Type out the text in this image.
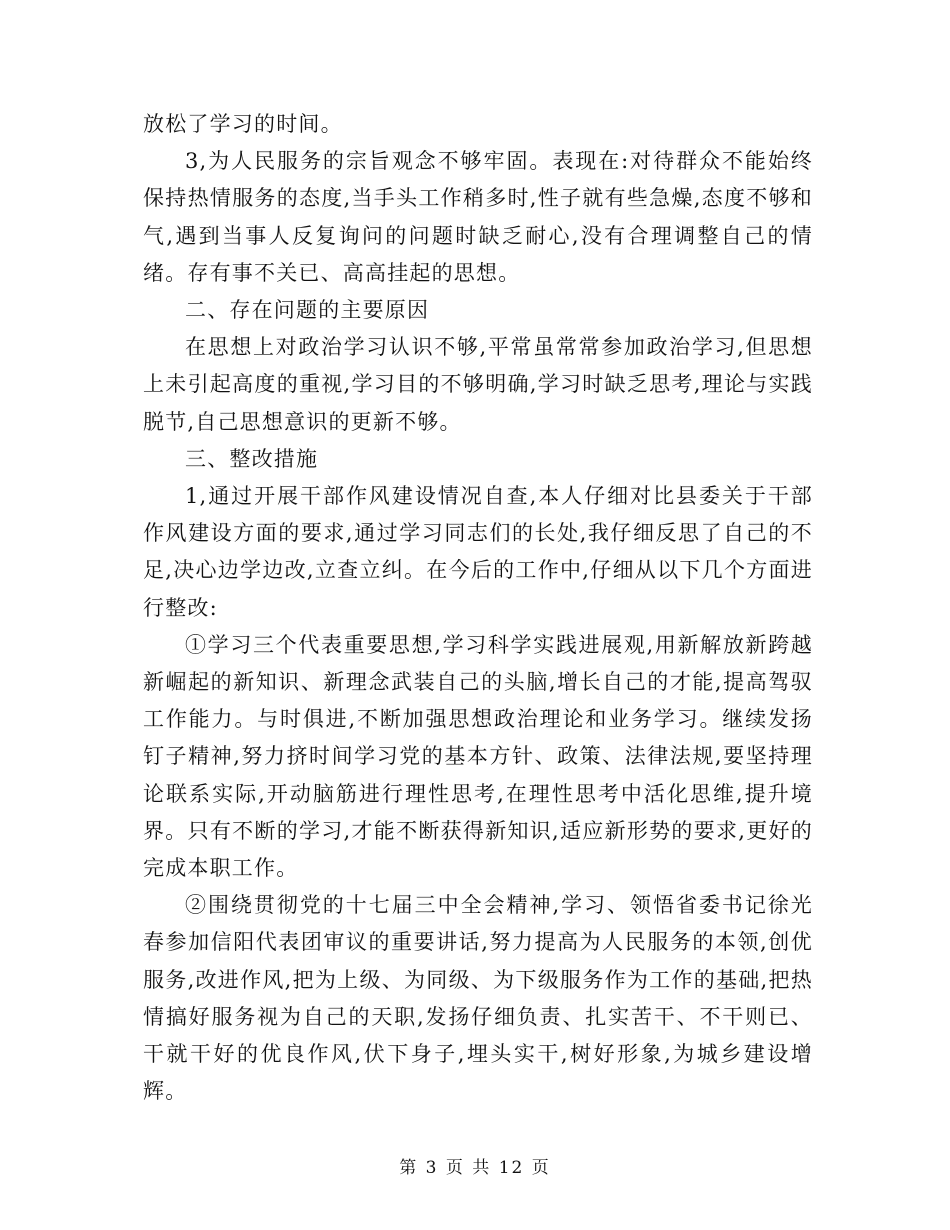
放松了学习的时间。

3,为人民服务的宗旨观念不够牢固。表现在:对待群众不能始终保持热情服务的态度,当手头工作稍多时,性子就有些急燥,态度不够和气,遇到当事人反复询问的问题时缺乏耐心,没有合理调整自己的情绪。存有事不关已、高高挂起的思想。

二、存在问题的主要原因

在思想上对政治学习认识不够,平常虽常常参加政治学习,但思想上未引起高度的重视,学习目的不够明确,学习时缺乏思考,理论与实践脱节,自己思想意识的更新不够。

三、整改措施

1,通过开展干部作风建设情况自查,本人仔细对比县委关于干部作风建设方面的要求,通过学习同志们的长处,我仔细反思了自己的不足,决心边学边改,立查立纠。在今后的工作中,仔细从以下几个方面进行整改:

①学习三个代表重要思想,学习科学实践进展观,用新解放新跨越新崛起的新知识、新理念武装自己的头脑,增长自己的才能,提高驾驭工作能力。与时俱进,不断加强思想政治理论和业务学习。继续发扬钉子精神,努力挤时间学习党的基本方针、政策、法律法规,要坚持理论联系实际,开动脑筋进行理性思考,在理性思考中活化思维,提升境界。只有不断的学习,才能不断获得新知识,适应新形势的要求,更好的完成本职工作。

②围绕贯彻党的十七届三中全会精神,学习、领悟省委书记徐光春参加信阳代表团审议的重要讲话,努力提高为人民服务的本领,创优服务,改进作风,把为上级、为同级、为下级服务作为工作的基础,把热情搞好服务视为自己的天职,发扬仔细负责、扎实苦干、不干则已、干就干好的优良作风,伏下身子,埋头实干,树好形象,为城乡建设增辉。

第 3 页 共 12 页
